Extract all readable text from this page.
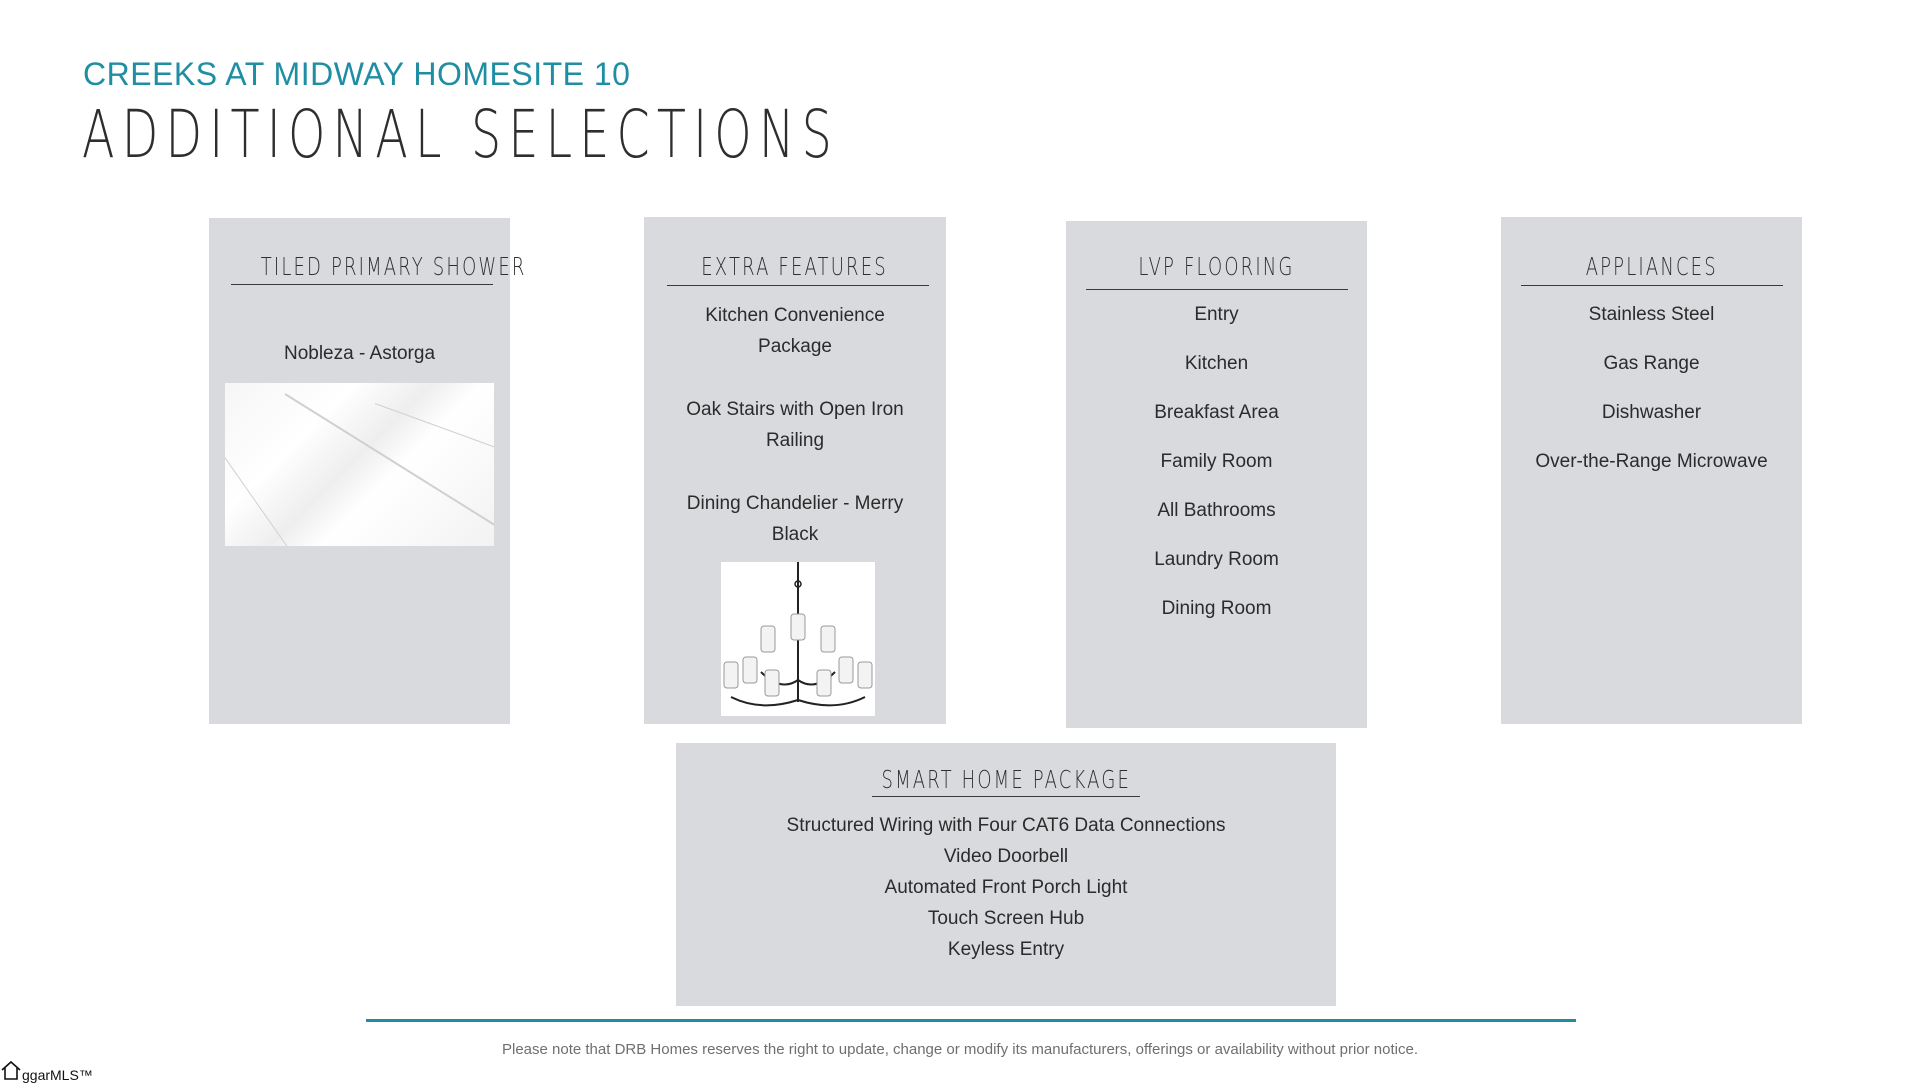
CREEKS AT MIDWAY HOMESITE 10
ADDITIONAL SELECTIONS
TILED PRIMARY SHOWER
Nobleza - Astorga
EXTRA FEATURES
Kitchen Convenience
Package
Oak Stairs with Open Iron
Railing
Dining Chandelier - Merry
Black
LVP FLOORING
Entry
Kitchen
Breakfast Area
Family Room
All Bathrooms
Laundry Room
Dining Room
APPLIANCES
Stainless Steel
Gas Range
Dishwasher
Over-the-Range Microwave
SMART HOME PACKAGE
Structured Wiring with Four CAT6 Data Connections
Video Doorbell
Automated Front Porch Light
Touch Screen Hub
Keyless Entry
Please note that DRB Homes reserves the right to update, change or modify its manufacturers, offerings or availability without prior notice.
ggarMLS™
